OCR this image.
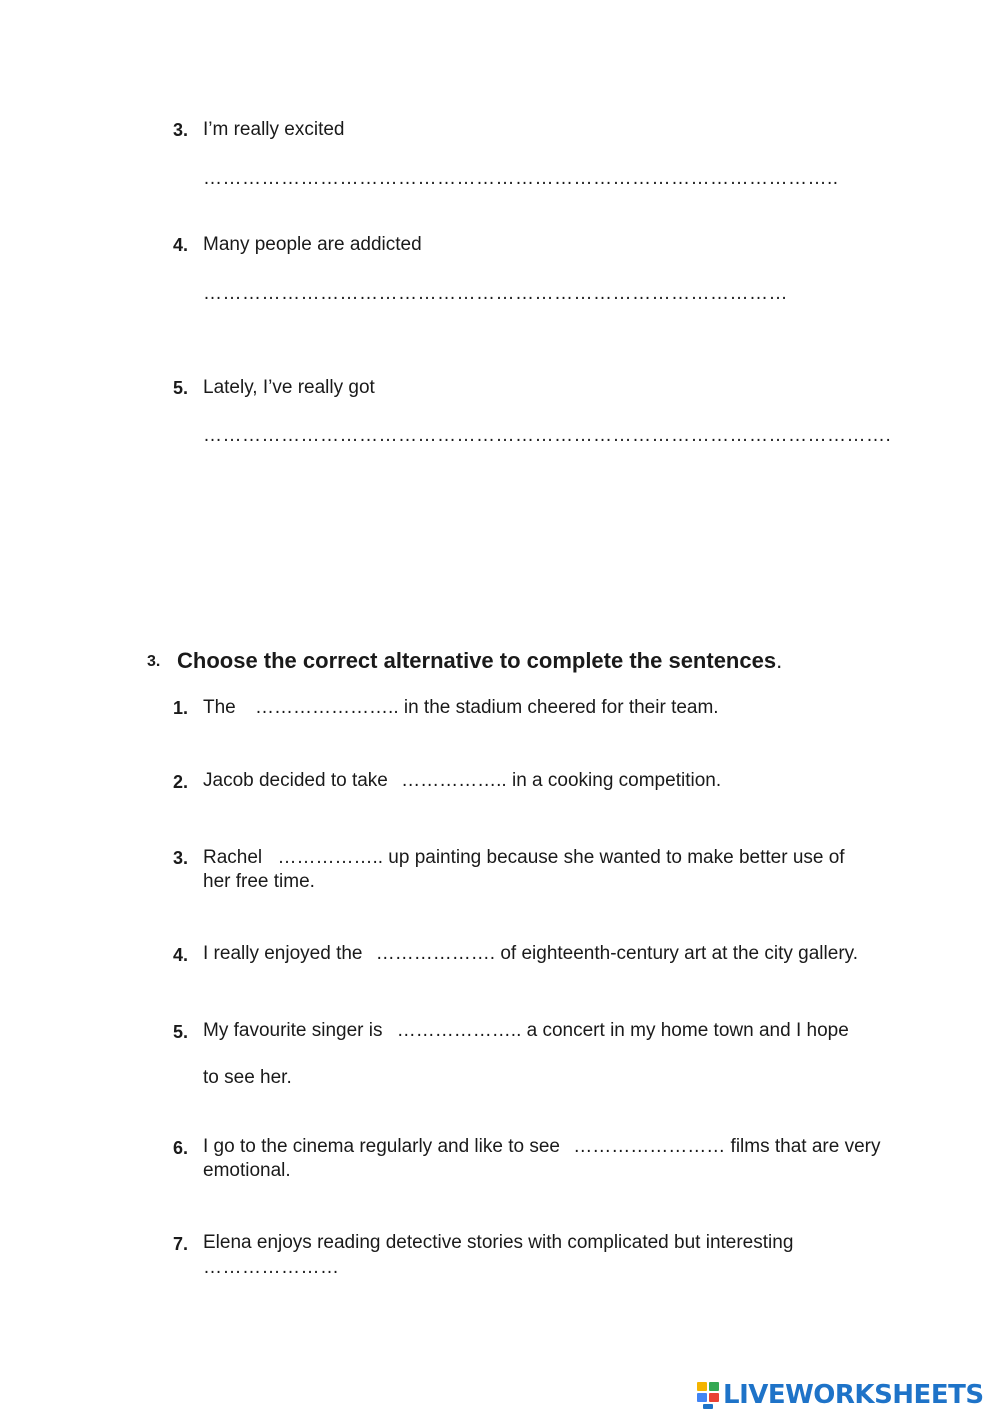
3. I’m really excited
……………………………………………………………………………………..
4. Many people are addicted
………………………………………………………………………………
5. Lately, I’ve really got
…………………………………………………………………………………………….
3. Choose the correct alternative to complete the sentences.
1. The ………………….. in the stadium cheered for their team.
2. Jacob decided to take …………….. in a cooking competition.
3. Rachel …………….. up painting because she wanted to make better use of
her free time.
4. I really enjoyed the ………………. of eighteenth-century art at the city gallery.
5. My favourite singer is ……………….. a concert in my home town and I hope
to see her.
6. I go to the cinema regularly and like to see …………………… films that are very
emotional.
7. Elena enjoys reading detective stories with complicated but interesting
…………………
LIVEWORKSHEETS
